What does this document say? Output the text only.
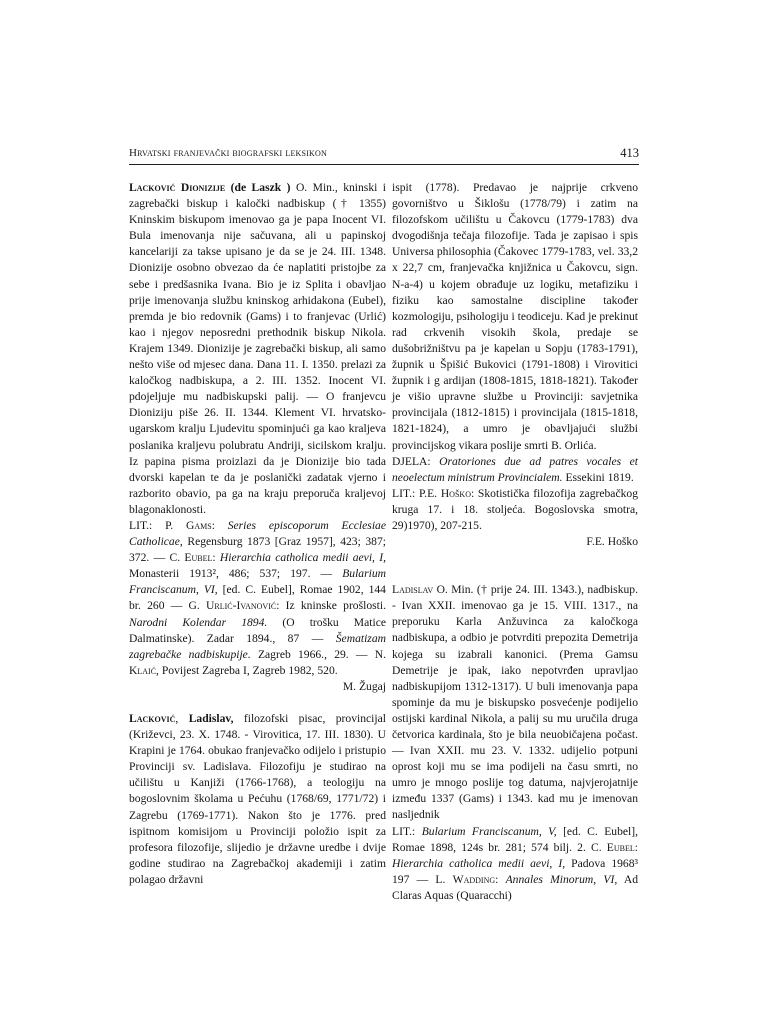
Hrvatski franjevački biografski leksikon	413

Lacković Dionizije (de Laszk ) O. Min., kninski i zagrebački biskup i kaločki nadbiskup († 1355) Kninskim biskupom imenovao ga je papa Inocent VI. Bula imenovanja nije sačuvana, ali u papinskoj kancelariji za takse upisano je da se je 24. III. 1348. Dionizije osobno obvezao da će naplatiti pristojbe za sebe i predšasnika Ivana. Bio je iz Splita i obavljao prije imenovanja službu kninskog arhidakona (Eubel), premda je bio redovnik (Gams) i to franjevac (Urlić) kao i njegov neposredni prethodnik biskup Nikola. Krajem 1349. Dionizije je zagrebački biskup, ali samo nešto više od mjesec dana. Dana 11. I. 1350. prelazi za kaločkog nadbiskupa, a 2. III. 1352. Inocent VI. pdojeljuje mu nadbiskupski palij. — O franjevcu Dioniziju piše 26. II. 1344. Klement VI. hrvatsko-ugarskom kralju Ljudevitu spominjući ga kao kraljeva poslanika kraljevu polubratu Andriji, sicilskom kralju. Iz papina pisma proizlazi da je Dionizije bio tada dvorski kapelan te da je poslanički zadatak vjerno i razborito obavio, pa ga na kraju preporuča kraljevoj blagonaklonosti.

LIT.: P. Gams: Series episcoporum Ecclesiae Catholicae, Regensburg 1873 [Graz 1957], 423; 387; 372. — C. Eubel: Hierarchia catholica medii aevi, I, Monasterii 1913², 486; 537; 197. — Bularium Franciscanum, VI, [ed. C. Eubel], Romae 1902, 144 br. 260 — G. Urlić-Ivanović: Iz kninske prošlosti. Narodni Kolendar 1894. (O trošku Matice Dalmatinske). Zadar 1894., 87 — Šematizam zagrebačke nadbiskupije. Zagreb 1966., 29. — N. Klaić, Povijest Zagreba I, Zagreb 1982, 520.

M. Žugaj

Lacković, Ladislav, filozofski pisac, provincijal (Križevci, 23. X. 1748. - Virovitica, 17. III. 1830). U Krapini je 1764. obukao franjevačko odijelo i pristupio Provinciji sv. Ladislava. Filozofiju je studirao na učilištu u Kanjiži (1766-1768), a teologiju na bogoslovnim školama u Pećuhu (1768/69, 1771/72) i Zagrebu (1769-1771). Nakon što je 1776. pred ispitnom komisijom u Provinciji položio ispit za profesora filozofije, slijedio je državne uredbe i dvije godine studirao na Zagrebačkoj akademiji i zatim polagao državni

ispit (1778). Predavao je najprije crkveno govorništvo u Šiklošu (1778/79) i zatim na filozofskom učilištu u Čakovcu (1779-1783) dva dvogodišnja tečaja filozofije. Tada je zapisao i spis Universa philosophia (Čakovec 1779-1783, vel. 33,2 x 22,7 cm, franjevačka knjižnica u Čakovcu, sign. N-a-4) u kojem obrađuje uz logiku, metafiziku i fiziku kao samostalne discipline također kozmologiju, psihologiju i teodiceju. Kad je prekinut rad crkvenih visokih škola, predaje se dušobrižništvu pa je kapelan u Sopju (1783-1791), župnik u Špišić Bukovici (1791-1808) i Virovitici župnik i g ardijan (1808-1815, 1818-1821). Također je višio upravne službe u Provinciji: savjetnika provincijala (1812-1815) i provincijala (1815-1818, 1821-1824), a umro je obavljajući službi provincijskog vikara poslije smrti B. Orlića.

DJELA: Oratoriones due ad patres vocales et neoelectum ministrum Provincialem. Essekini 1819.

LIT.: P.E. Hoško: Skotistička filozofija zagrebačkog kruga 17. i 18. stoljeća. Bogoslovska smotra, 29)1970), 207-215.

F.E. Hoško

Ladislav O. Min. († prije 24. III. 1343.), nadbiskup. - Ivan XXII. imenovao ga je 15. VIII. 1317., na preporuku Karla Anžuvinca za kaločkoga nadbiskupa, a odbio je potvrditi prepozita Demetrija kojega su izabrali kanonici. (Prema Gamsu Demetrije je ipak, iako nepotvrđen upravljao nadbiskupijom 1312-1317). U buli imenovanja papa spominje da mu je biskupsko posvećenje podijelio ostijski kardinal Nikola, a palij su mu uručila druga četvorica kardinala, što je bila neuobičajena počast. — Ivan XXII. mu 23. V. 1332. udijelio potpuni oprost koji mu se ima podijeli na času smrti, no umro je mnogo poslije tog datuma, najvjerojatnije između 1337 (Gams) i 1343. kad mu je imenovan nasljednik

LIT.: Bularium Franciscanum, V, [ed. C. Eubel], Romae 1898, 124s br. 281; 574 bilj. 2. C. Eubel: Hierarchia catholica medii aevi, I, Padova 1968³ 197 — L. Wadding: Annales Minorum, VI, Ad Claras Aquas (Quaracchi)
